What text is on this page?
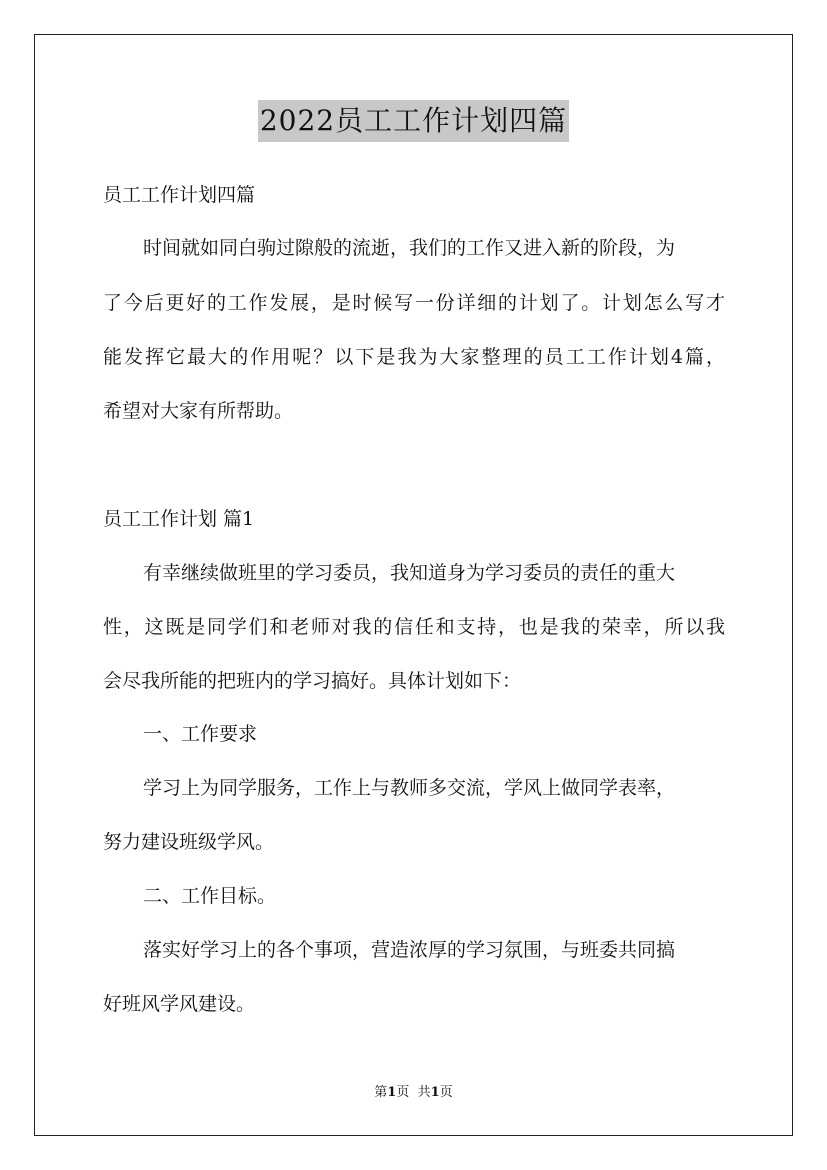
2022员工工作计划四篇
员工工作计划四篇
时间就如同白驹过隙般的流逝，我们的工作又进入新的阶段，为
了今后更好的工作发展，是时候写一份详细的计划了。计划怎么写才
能发挥它最大的作用呢？以下是我为大家整理的员工工作计划4篇，
希望对大家有所帮助。
员工工作计划 篇1
有幸继续做班里的学习委员，我知道身为学习委员的责任的重大
性，这既是同学们和老师对我的信任和支持，也是我的荣幸，所以我
会尽我所能的把班内的学习搞好。具体计划如下：
一、工作要求
学习上为同学服务，工作上与教师多交流，学风上做同学表率，
努力建设班级学风。
二、工作目标。
落实好学习上的各个事项，营造浓厚的学习氛围，与班委共同搞
好班风学风建设。
第1页 共1页
